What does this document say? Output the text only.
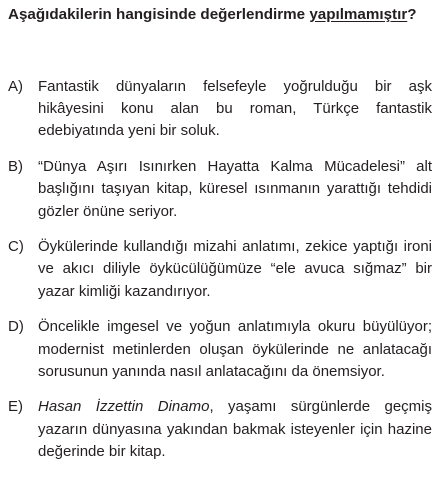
Aşağıdakilerin hangisinde değerlendirme yapılmamıştır?

A) Fantastik dünyaların felsefeyle yoğrulduğu bir aşk hikâyesini konu alan bu roman, Türkçe fantastik edebiyatında yeni bir soluk.
B) “Dünya Aşırı Isınırken Hayatta Kalma Mücadelesi” alt başlığını taşıyan kitap, küresel ısınmanın yarattığı tehdidi gözler önüne seriyor.
C) Öykülerinde kullandığı mizahi anlatımı, zekice yaptığı ironi ve akıcı diliyle öykücülüğümüze “ele avuca sığmaz” bir yazar kimliği kazandırıyor.
D) Öncelikle imgesel ve yoğun anlatımıyla okuru büyülüyor; modernist metinlerden oluşan öykülerinde ne anlatacağı sorusunun yanında nasıl anlatacağını da önemsiyor.
E) Hasan İzzettin Dinamo, yaşamı sürgünlerde geçmiş yazarın dünyasına yakından bakmak isteyenler için hazine değerinde bir kitap.
